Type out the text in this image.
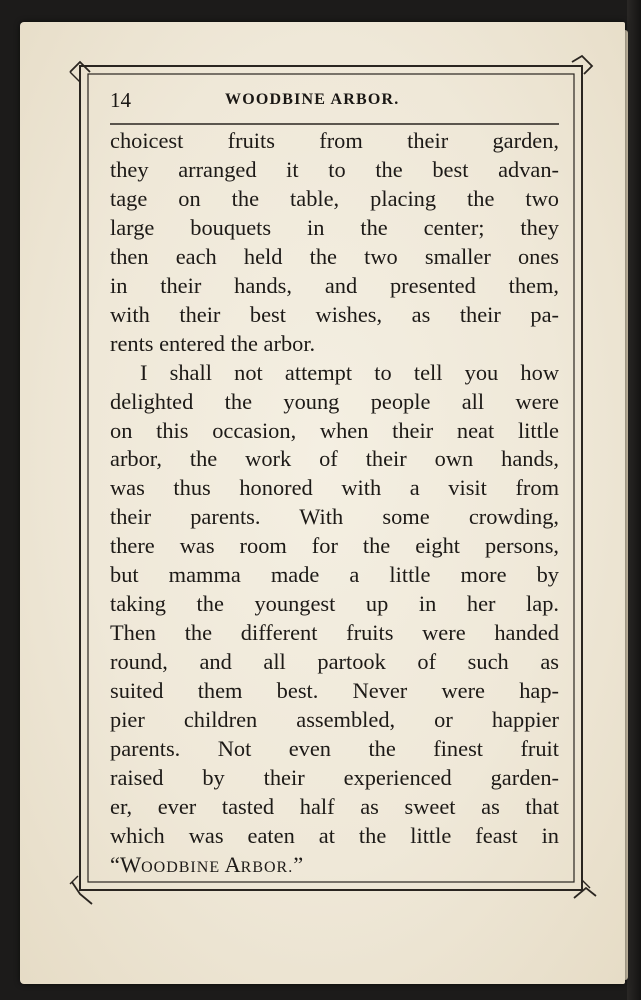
14	WOODBINE ARBOR.
choicest fruits from their garden,
they arranged it to the best advan-
tage on the table, placing the two
large bouquets in the center; they
then each held the two smaller ones
in their hands, and presented them,
with their best wishes, as their pa-
rents entered the arbor.
I shall not attempt to tell you how
delighted the young people all were
on this occasion, when their neat little
arbor, the work of their own hands,
was thus honored with a visit from
their parents. With some crowding,
there was room for the eight persons,
but mamma made a little more by
taking the youngest up in her lap.
Then the different fruits were handed
round, and all partook of such as
suited them best. Never were hap-
pier children assembled, or happier
parents. Not even the finest fruit
raised by their experienced garden-
er, ever tasted half as sweet as that
which was eaten at the little feast in
“WOODBINE ARBOR.”
